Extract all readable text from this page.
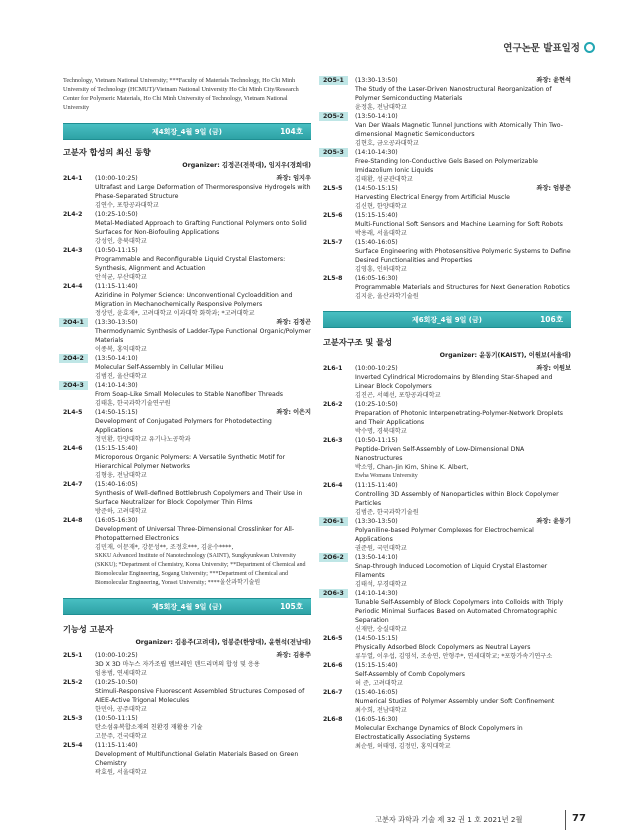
연구논문 발표일정
Technology, Vietnam National University; ***Faculty of Materials Technology, Ho Chi Minh University of Technology (HCMUT)/Vietnam National University Ho Chi Minh City/Research Center for Polymeric Materials, Ho Chi Minh University of Technology, Vietnam National University
제4회장_4월 9일 (금)	104호
고분자 합성의 최신 동향
Organizer: 김정곤(전북대), 임지우(경희대)
2L4-1 (10:00-10:25)	좌장: 임지우
Ultrafast and Large Deformation of Thermoresponsive Hydrogels with Phase-Separated Structure
김연수, 포항공과대학교
2L4-2 (10:25-10:50)
Metal-Mediated Approach to Grafting Functional Polymers onto Solid Surfaces for Non-Biofouling Applications
강성인, 충북대학교
2L4-3 (10:50-11:15)
Programmable and Reconfigurable Liquid Crystal Elastomers: Synthesis, Alignment and Actuation
안석균, 부산대학교
2L4-4 (11:15-11:40)
Aziridine in Polymer Science: Unconventional Cycloaddition and Migration in Mechanochemically Responsive Polymers
정상민, 윤효재*, 고려대학교 이과대학 화학과; *고려대학교
2O4-1	(13:30-13:50)	좌장: 김정곤
Thermodynamic Synthesis of Ladder-Type Functional Organic/Polymer Materials
이종복, 홍익대학교
2O4-2	(13:50-14:10)
Molecular Self-Assembly in Cellular Milieu
김범진, 울산대학교
2O4-3	(14:10-14:30)
From Soap-Like Small Molecules to Stable Nanofiber Threads
김태훈, 한국과학기술연구원
2L4-5 (14:50-15:15)	좌장: 이은지
Development of Conjugated Polymers for Photodetecting Applications
정민환, 한양대학교 유기나노공학과
2L4-6 (15:15-15:40)
Microporous Organic Polymers: A Versatile Synthetic Motif for Hierarchical Polymer Networks
김형웅, 전남대학교
2L4-7 (15:40-16:05)
Synthesis of Well-defined Bottlebrush Copolymers and Their Use in Surface Neutralizer for Block Copolymer Thin Films
방준하, 고려대학교
2L4-8 (16:05-16:30)
Development of Universal Three-Dimensional Crosslinker for All-Photopatterned Electronics
김민재, 이문재*, 강문성**, 조정호***, 김윤수****,
SKKU Advanced Institute of Nanotechnology (SAINT), Sungkyunkwan University (SKKU); *Department of Chemistry, Korea University; **Department of Chemical and Biomolecular Engineering, Sogang University; ***Department of Chemical and Biomolecular Engineering, Yonsei University; ****울산과학기술원
제5회장_4월 9일 (금)	105호
기능성 고분자
Organizer: 김용주(고려대), 엄봉준(한양대), 윤현석(전남대)
2L5-1 (10:00-10:25)	좌장: 김용주
3D X 3D 마누스 자가조립 멤브레인 덴드리머의 합성 및 응용
임용범, 연세대학교
2L5-2 (10:25-10:50)
Stimuli-Responsive Fluorescent Assembled Structures Composed of AIEE-Active Trigonal Molecules
한민아, 공주대학교
2L5-3 (10:50-11:15)
탄소섬유복합소재의 친환경 재활용 기술
고문주, 건국대학교
2L5-4 (11:15-11:40)
Development of Multifunctional Gelatin Materials Based on Green Chemistry
곽효원, 서울대학교
2O5-1	(13:30-13:50)	좌장: 윤현석
The Study of the Laser-Driven Nanostructural Reorganization of Polymer Semiconducting Materials
윤정훈, 전남대학교
2O5-2	(13:50-14:10)
Van Der Waals Magnetic Tunnel Junctions with Atomically Thin Two-dimensional Magnetic Semiconductors
김현호, 금오공과대학교
2O5-3	(14:10-14:30)
Free-Standing Ion-Conductive Gels Based on Polymerizable Imidazolium Ionic Liquids
김태환, 성균관대학교
2L5-5 (14:50-15:15)	좌장: 엄봉준
Harvesting Electrical Energy from Artificial Muscle
김신현, 한양대학교
2L5-6 (15:15-15:40)
Multi-Functional Soft Sensors and Machine Learning for Soft Robots
박용래, 서울대학교
2L5-7 (15:40-16:05)
Surface Engineering with Photosensitive Polymeric Systems to Define Desired Functionalities and Properties
김영흥, 인하대학교
2L5-8 (16:05-16:30)
Programmable Materials and Structures for Next Generation Robotics
김지윤, 울산과학기술원
제6회장_4월 9일 (금)	106호
고분자구조 및 물성
Organizer: 윤동기(KAIST), 이원보(서울대)
2L6-1 (10:00-10:25)	좌장: 이원보
Inverted Cylindrical Microdomains by Blending Star-Shaped and Linear Block Copolymers
김진곤, 서혜선, 포항공과대학교
2L6-2 (10:25-10:50)
Preparation of Photonic Interpenetrating-Polymer-Network Droplets and Their Applications
박수명, 경북대학교
2L6-3 (10:50-11:15)
Peptide-Driven Self-Assembly of Low-Dimensional DNA Nanostructures
박소영, Chan-Jin Kim, Shine K. Albert,
Ewha Womans University
2L6-4 (11:15-11:40)
Controlling 3D Assembly of Nanoparticles within Block Copolymer Particles
김범준, 한국과학기술원
2O6-1	(13:30-13:50)	좌장: 윤동기
Polyaniline-based Polymer Complexes for Electrochemical Applications
권준원, 국민대학교
2O6-2	(13:50-14:10)
Snap-through Induced Locomotion of Liquid Crystal Elastomer Filaments
김태석, 부경대학교
2O6-3	(14:10-14:30)
Tunable Self-Assembly of Block Copolymers into Colloids with Triply Periodic Minimal Surfaces Based on Automated Chromatographic Separation
신재만, 숭실대학교
2L6-5 (14:50-15:15)
Physically Adsorbed Block Copolymers as Neutral Layers
류두열, 이우섭, 김영석, 조송연, 안형주*, 연세대학교; *포항가속기연구소
2L6-6 (15:15-15:40)
Self-Assembly of Comb Copolymers
허 준, 고려대학교
2L6-7 (15:40-16:05)
Numerical Studies of Polymer Assembly under Soft Confinement
최수희, 전남대학교
2L6-8 (16:05-16:30)
Molecular Exchange Dynamics of Block Copolymers in Electrostatically Associating Systems
최순원, 허태영, 김정민, 홍익대학교
고분자 과학과 기술 제 32 권 1 호 2021년 2월	77
